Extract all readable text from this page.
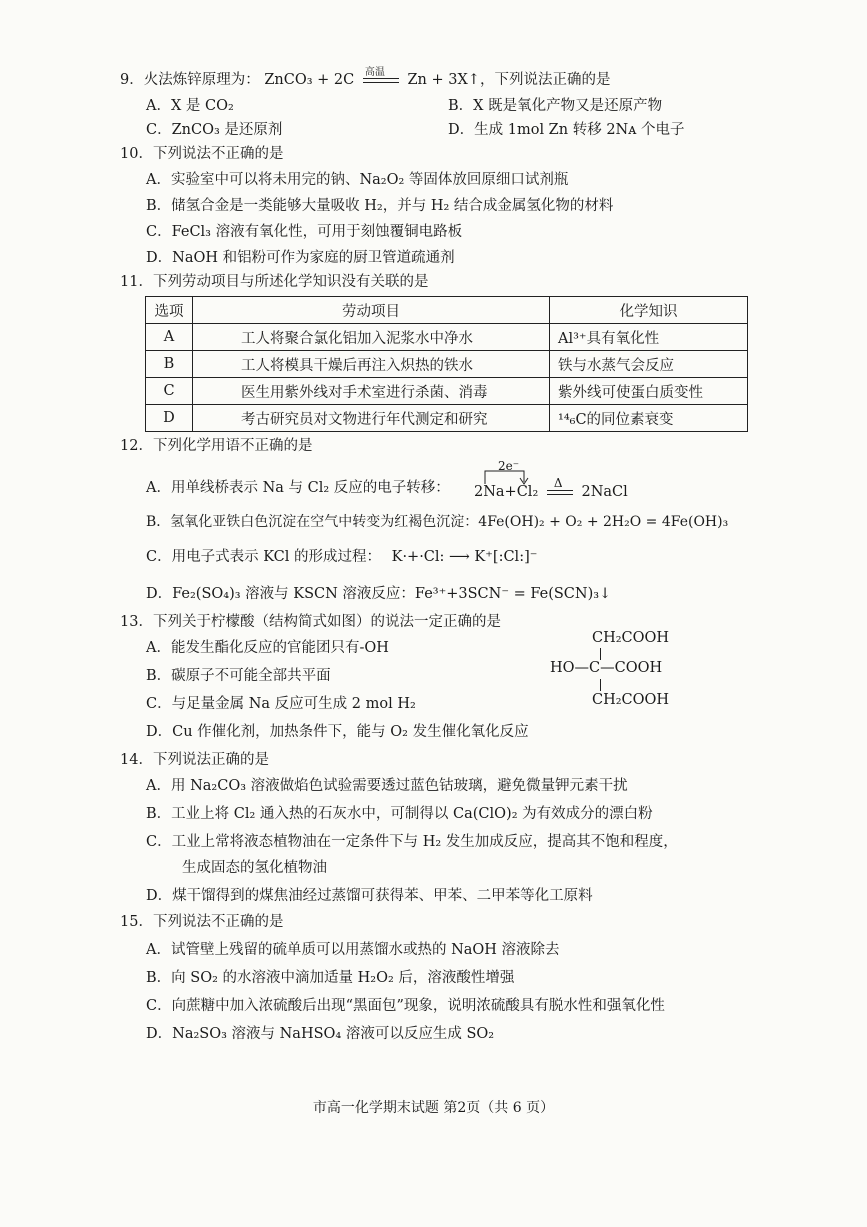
9．火法炼锌原理为： ZnCO₃ + 2C 高温 Zn + 3X↑，下列说法正确的是
A．X 是 CO₂	B．X 既是氧化产物又是还原产物
C．ZnCO₃ 是还原剂	D．生成 1mol Zn 转移 2Nᴀ 个电子
10．下列说法不正确的是
A．实验室中可以将未用完的钠、Na₂O₂ 等固体放回原细口试剂瓶
B．储氢合金是一类能够大量吸收 H₂，并与 H₂ 结合成金属氢化物的材料
C．FeCl₃ 溶液有氧化性，可用于刻蚀覆铜电路板
D．NaOH 和铝粉可作为家庭的厨卫管道疏通剂
11．下列劳动项目与所述化学知识没有关联的是
选项	劳动项目	化学知识
A	工人将聚合氯化铝加入泥浆水中净水	Al³⁺具有氧化性
B	工人将模具干燥后再注入炽热的铁水	铁与水蒸气会反应
C	医生用紫外线对手术室进行杀菌、消毒	紫外线可使蛋白质变性
D	考古研究员对文物进行年代测定和研究	¹⁴₆C的同位素衰变
12．下列化学用语不正确的是
A．用单线桥表示 Na 与 Cl₂ 反应的电子转移：
2e⁻
2Na+Cl₂
Δ
2NaCl
B．氢氧化亚铁白色沉淀在空气中转变为红褐色沉淀：4Fe(OH)₂ + O₂ + 2H₂O = 4Fe(OH)₃
C．用电子式表示 KCl 的形成过程： K·+·Cl: ⟶ K⁺[:Cl:]⁻
D．Fe₂(SO₄)₃ 溶液与 KSCN 溶液反应：Fe³⁺+3SCN⁻ = Fe(SCN)₃↓
13．下列关于柠檬酸（结构简式如图）的说法一定正确的是
A．能发生酯化反应的官能团只有-OH
B．碳原子不可能全部共平面
C．与足量金属 Na 反应可生成 2 mol H₂
D．Cu 作催化剂，加热条件下，能与 O₂ 发生催化氧化反应
CH₂COOH
HO—C—COOH
CH₂COOH
14．下列说法正确的是
A．用 Na₂CO₃ 溶液做焰色试验需要透过蓝色钴玻璃，避免微量钾元素干扰
B．工业上将 Cl₂ 通入热的石灰水中，可制得以 Ca(ClO)₂ 为有效成分的漂白粉
C．工业上常将液态植物油在一定条件下与 H₂ 发生加成反应，提高其不饱和程度，
生成固态的氢化植物油
D．煤干馏得到的煤焦油经过蒸馏可获得苯、甲苯、二甲苯等化工原料
15．下列说法不正确的是
A．试管壁上残留的硫单质可以用蒸馏水或热的 NaOH 溶液除去
B．向 SO₂ 的水溶液中滴加适量 H₂O₂ 后，溶液酸性增强
C．向蔗糖中加入浓硫酸后出现“黑面包”现象，说明浓硫酸具有脱水性和强氧化性
D．Na₂SO₃ 溶液与 NaHSO₄ 溶液可以反应生成 SO₂
市高一化学期末试题 第2页（共 6 页）
